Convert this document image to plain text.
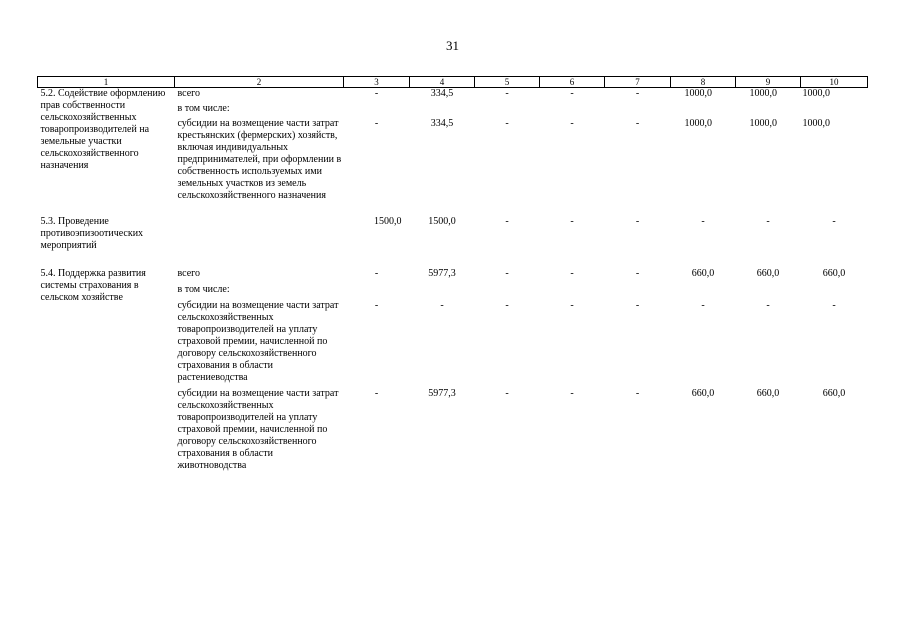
31
1	2	3	4	5	6	7	8	9	10
5.2. Содействие оформлению прав собственности сельскохозяйственных товаропроизводителей на земельные участки сельскохозяйственного назначения	всего	-	334,5	-	-	-	1000,0	1000,0	1000,0
	в том числе:								
	субсидии на возмещение части затрат крестьянских (фермерских) хозяйств, включая индивидуальных предпринимателей, при оформлении в собственность используемых ими земельных участков из земель сельскохозяйственного назначения	-	334,5	-	-	-	1000,0	1000,0	1000,0

5.3. Проведение противоэпизоотических мероприятий		1500,0	1500,0	-	-	-	-	-	-

5.4. Поддержка развития системы страхования в сельском хозяйстве	всего	-	5977,3	-	-	-	660,0	660,0	660,0
	в том числе:								
	субсидии на возмещение части затрат сельскохозяйственных товаропроизводителей на уплату страховой премии, начисленной по договору сельскохозяйственного страхования в области растениеводства	-	-	-	-	-	-	-	-
	субсидии на возмещение части затрат сельскохозяйственных товаропроизводителей на уплату страховой премии, начисленной по договору сельскохозяйственного страхования в области животноводства	-	5977,3	-	-	-	660,0	660,0	660,0
